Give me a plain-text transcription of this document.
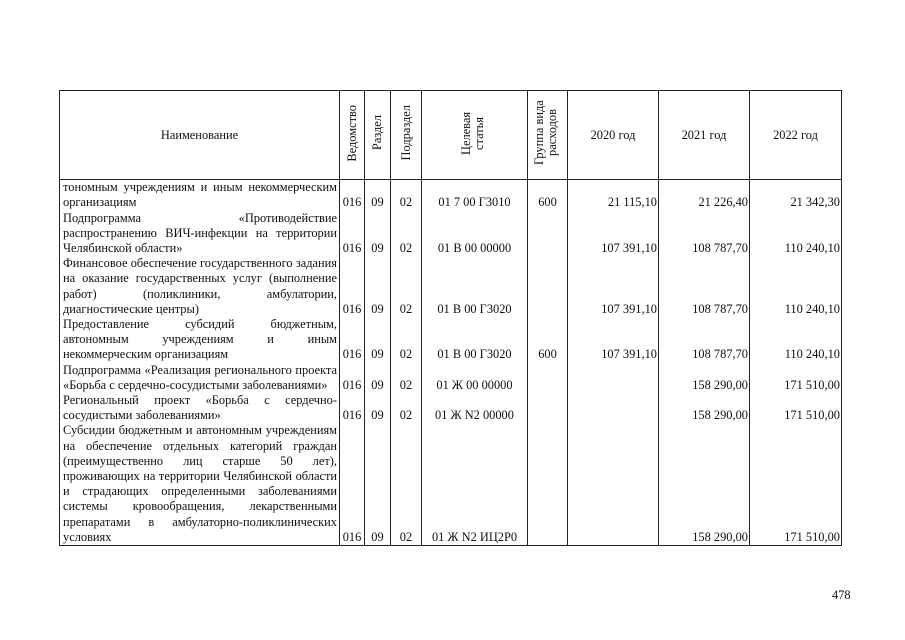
Наименование	Ведомство	Раздел	Подраздел	Целевая статья	Группа вида расходов	2020 год	2021 год	2022 год
тономным учреждениям и иным некоммерческим организациям	016	09	02	01 7 00 Г3010	600	21 115,10	21 226,40	21 342,30
Подпрограмма «Противодействие распространению ВИЧ-инфекции на территории Челябинской области»	016	09	02	01 В 00 00000		107 391,10	108 787,70	110 240,10
Финансовое обеспечение государственного задания на оказание государственных услуг (выполнение работ) (поликлиники, амбулатории, диагностические центры)	016	09	02	01 В 00 Г3020		107 391,10	108 787,70	110 240,10
Предоставление субсидий бюджетным, автономным учреждениям и иным некоммерческим организациям	016	09	02	01 В 00 Г3020	600	107 391,10	108 787,70	110 240,10
Подпрограмма «Реализация регионального проекта «Борьба с сердечно-сосудистыми заболеваниями»	016	09	02	01 Ж 00 00000			158 290,00	171 510,00
Региональный проект «Борьба с сердечно-сосудистыми заболеваниями»	016	09	02	01 Ж N2 00000			158 290,00	171 510,00
Субсидии бюджетным и автономным учреждениям на обеспечение отдельных категорий граждан (преимущественно лиц старше 50 лет), проживающих на территории Челябинской области и страдающих определенными заболеваниями системы кровообращения, лекарственными препаратами в амбулаторно-поликлинических условиях	016	09	02	01 Ж N2 ИЦ2Р0			158 290,00	171 510,00
478
